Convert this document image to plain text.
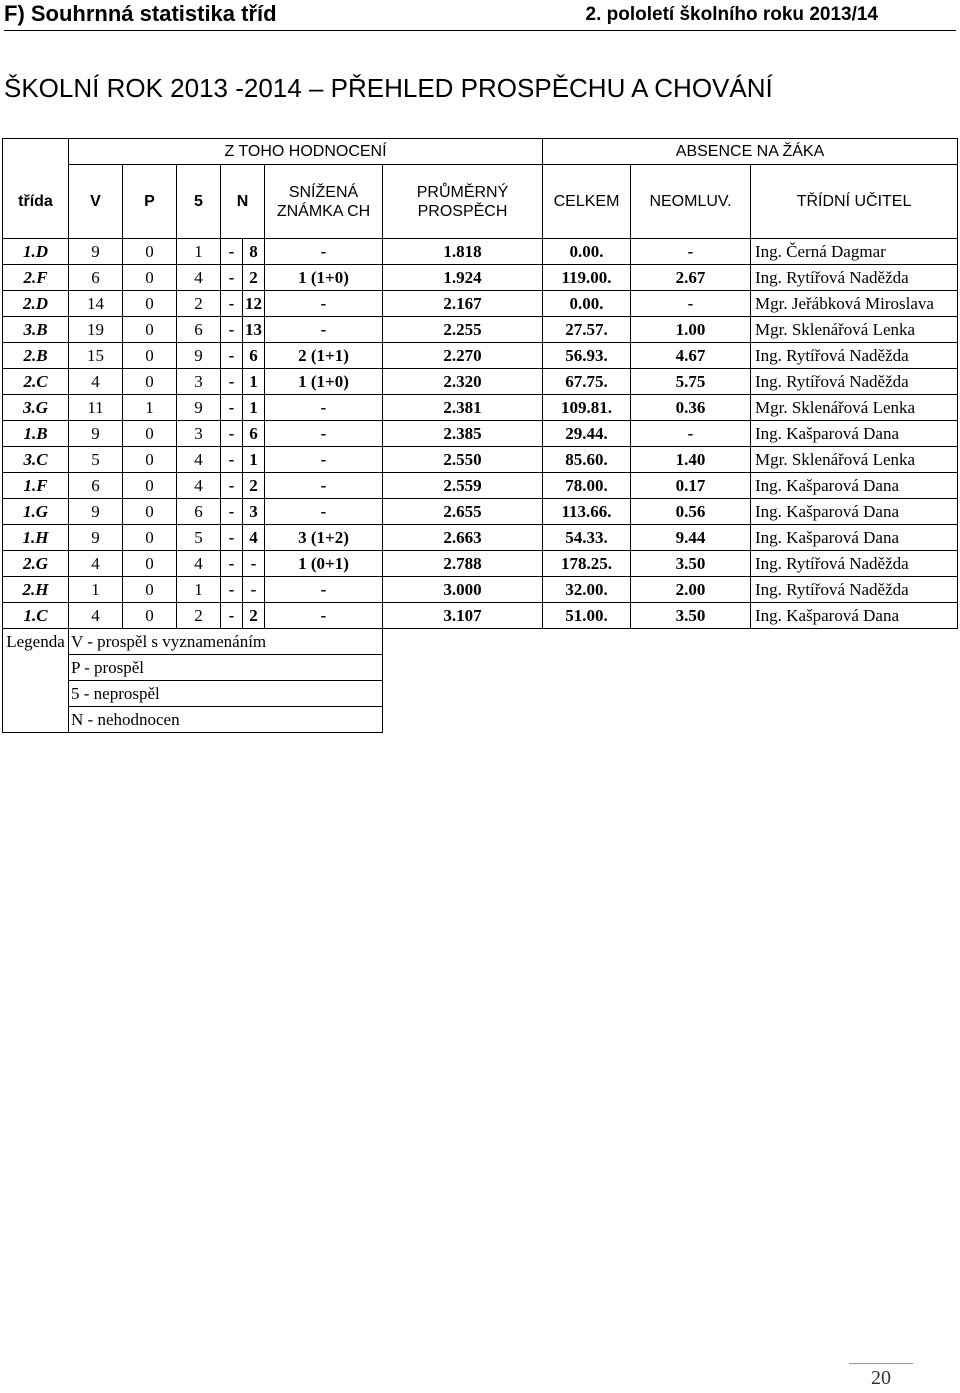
F) Souhrnná statistika tříd	2. pololetí školního roku 2013/14
ŠKOLNÍ ROK 2013 -2014 – PŘEHLED PROSPĚCHU A CHOVÁNÍ
	Z TOHO HODNOCENÍ							ABSENCE NA ŽÁKA		
třída	V	P	5	N		SNÍŽENÁ ZNÁMKA CH	PRŮMĚRNÝ PROSPĚCH	CELKEM	NEOMLUV.	TŘÍDNÍ UČITEL
1.D	9	0	1	-	8	-	1.818	0.00.	-	Ing. Černá Dagmar
2.F	6	0	4	-	2	1 (1+0)	1.924	119.00.	2.67	Ing. Rytířová Naděžda
2.D	14	0	2	-	12	-	2.167	0.00.	-	Mgr. Jeřábková Miroslava
3.B	19	0	6	-	13	-	2.255	27.57.	1.00	Mgr. Sklenářová Lenka
2.B	15	0	9	-	6	2 (1+1)	2.270	56.93.	4.67	Ing. Rytířová Naděžda
2.C	4	0	3	-	1	1 (1+0)	2.320	67.75.	5.75	Ing. Rytířová Naděžda
3.G	11	1	9	-	1	-	2.381	109.81.	0.36	Mgr. Sklenářová Lenka
1.B	9	0	3	-	6	-	2.385	29.44.	-	Ing. Kašparová Dana
3.C	5	0	4	-	1	-	2.550	85.60.	1.40	Mgr. Sklenářová Lenka
1.F	6	0	4	-	2	-	2.559	78.00.	0.17	Ing. Kašparová Dana
1.G	9	0	6	-	3	-	2.655	113.66.	0.56	Ing. Kašparová Dana
1.H	9	0	5	-	4	3 (1+2)	2.663	54.33.	9.44	Ing. Kašparová Dana
2.G	4	0	4	-	-	1 (0+1)	2.788	178.25.	3.50	Ing. Rytířová Naděžda
2.H	1	0	1	-	-	-	3.000	32.00.	2.00	Ing. Rytířová Naděžda
1.C	4	0	2	-	2	-	3.107	51.00.	3.50	Ing. Kašparová Dana
Legenda	V - prospěl s vyznamenáním									
	P - prospěl									
	5 - neprospěl									
	N - nehodnocen									
20
